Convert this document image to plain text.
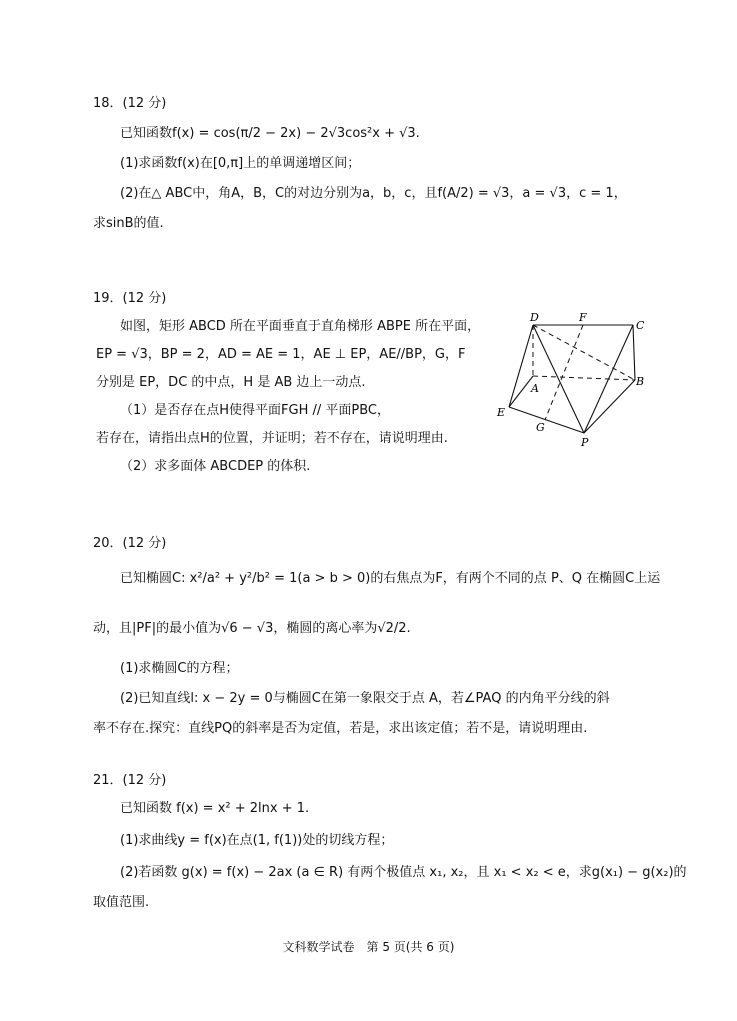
18．(12 分)
已知函数f(x) = cos(π/2 − 2x) − 2√3cos²x + √3.
(1)求函数f(x)在[0,π]上的单调递增区间；
(2)在△ ABC中，角A，B，C的对边分别为a，b，c，且f(A/2) = √3，a = √3，c = 1，
求sinB的值.
19．(12 分)
如图，矩形 ABCD 所在平面垂直于直角梯形 ABPE 所在平面，
EP = √3，BP = 2，AD = AE = 1，AE ⊥ EP，AE//BP，G，F
分别是 EP，DC 的中点，H 是 AB 边上一动点.
（1）是否存在点H使得平面FGH // 平面PBC，
若存在，请指出点H的位置，并证明；若不存在，请说明理由.
（2）求多面体 ABCDEP 的体积.
D	F
C
A
B
E
G
P
20．(12 分)
已知椭圆C: x²/a² + y²/b² = 1(a > b > 0)的右焦点为F，有两个不同的点 P、Q 在椭圆C上运
动，且|PF|的最小值为√6 − √3，椭圆的离心率为√2/2.
(1)求椭圆C的方程；
(2)已知直线l: x − 2y = 0与椭圆C在第一象限交于点 A，若∠PAQ 的内角平分线的斜
率不存在.探究：直线PQ的斜率是否为定值，若是，求出该定值；若不是，请说明理由.
21．(12 分)
已知函数 f(x) = x² + 2lnx + 1.
(1)求曲线y = f(x)在点(1, f(1))处的切线方程；
(2)若函数 g(x) = f(x) − 2ax (a ∈ R) 有两个极值点 x₁, x₂，且 x₁ < x₂ < e，求g(x₁) − g(x₂)的
取值范围.
文科数学试卷　第 5 页(共 6 页)
